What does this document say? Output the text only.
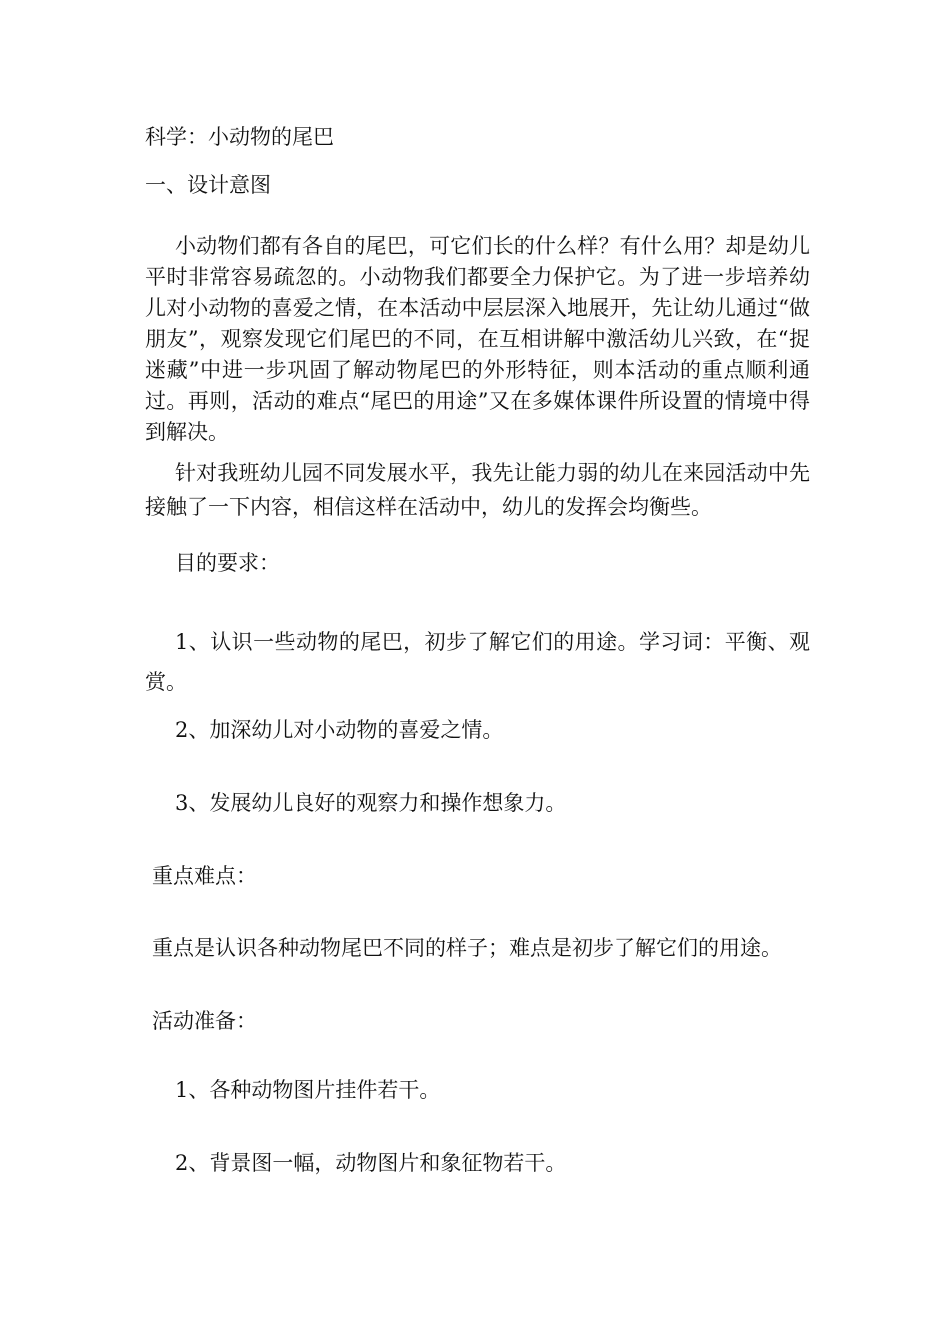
科学：小动物的尾巴
一、设计意图

小动物们都有各自的尾巴，可它们长的什么样？有什么用？却是幼儿平时非常容易疏忽的。小动物我们都要全力保护它。为了进一步培养幼儿对小动物的喜爱之情，在本活动中层层深入地展开，先让幼儿通过“做朋友”，观察发现它们尾巴的不同，在互相讲解中激活幼儿兴致，在“捉迷藏”中进一步巩固了解动物尾巴的外形特征，则本活动的重点顺利通过。再则，活动的难点“尾巴的用途”又在多媒体课件所设置的情境中得到解决。

针对我班幼儿园不同发展水平，我先让能力弱的幼儿在来园活动中先接触了一下内容，相信这样在活动中，幼儿的发挥会均衡些。

目的要求：

1、认识一些动物的尾巴，初步了解它们的用途。学习词：平衡、观赏。

2、加深幼儿对小动物的喜爱之情。
3、发展幼儿良好的观察力和操作想象力。
重点难点：
重点是认识各种动物尾巴不同的样子；难点是初步了解它们的用途。
活动准备：
1、各种动物图片挂件若干。
2、背景图一幅，动物图片和象征物若干。
